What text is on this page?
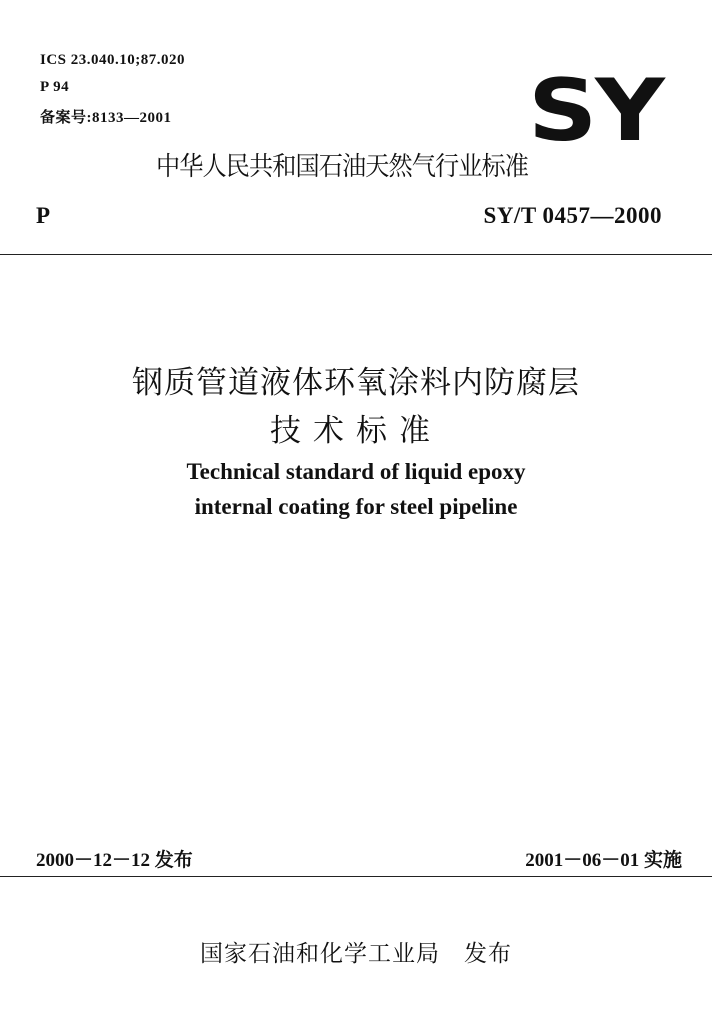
ICS 23.040.10;87.020
P 94
备案号:8133—2001	SY
中华人民共和国石油天然气行业标准
P	SY/T 0457—2000
钢质管道液体环氧涂料内防腐层
技术标准
Technical standard of liquid epoxy
internal coating for steel pipeline
2000－12－12 发布	2001－06－01 实施
国家石油和化学工业局　发布
